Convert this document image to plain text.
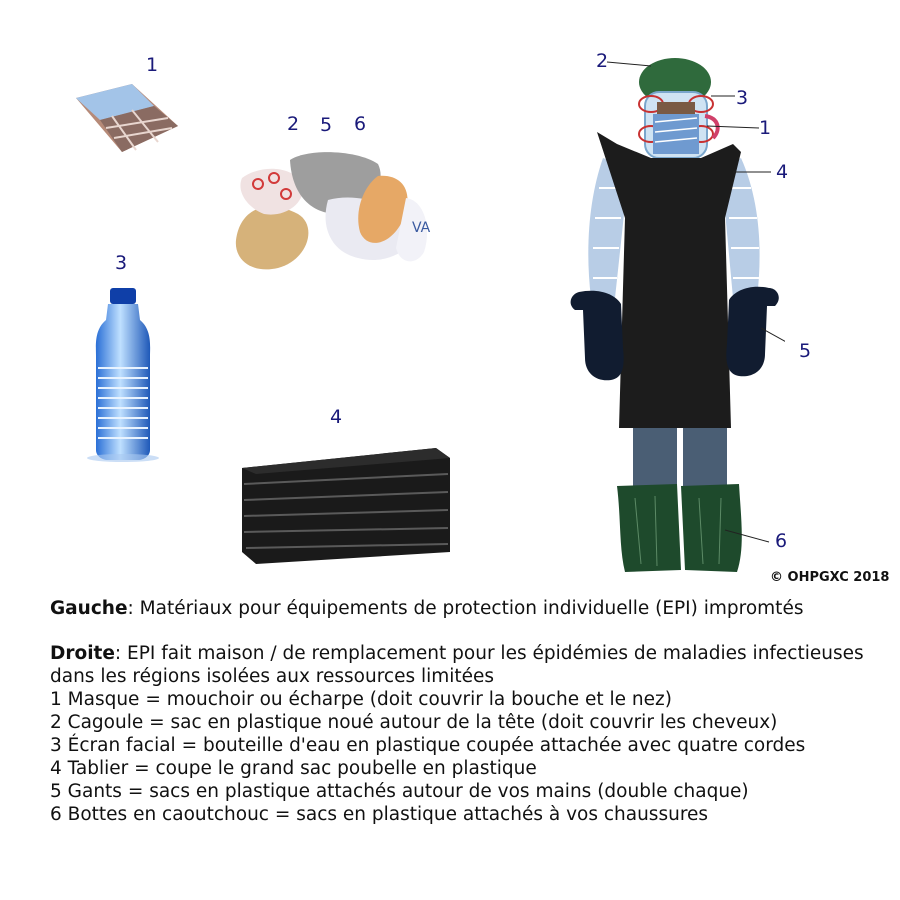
1
2 5 6
VA
3
4
2
3
1
4
5
6
© OHPGXC 2018
Gauche: Matériaux pour équipements de protection individuelle (EPI) impromtés
Droite: EPI fait maison / de remplacement pour les épidémies de maladies infectieuses dans les régions isolées aux ressources limitées
1 Masque = mouchoir ou écharpe (doit couvrir la bouche et le nez)
2 Cagoule = sac en plastique noué autour de la tête (doit couvrir les cheveux)
3 Écran facial = bouteille d'eau en plastique coupée attachée avec quatre cordes
4 Tablier = coupe le grand sac poubelle en plastique
5 Gants = sacs en plastique attachés autour de vos mains (double chaque)
6 Bottes en caoutchouc = sacs en plastique attachés à vos chaussures
